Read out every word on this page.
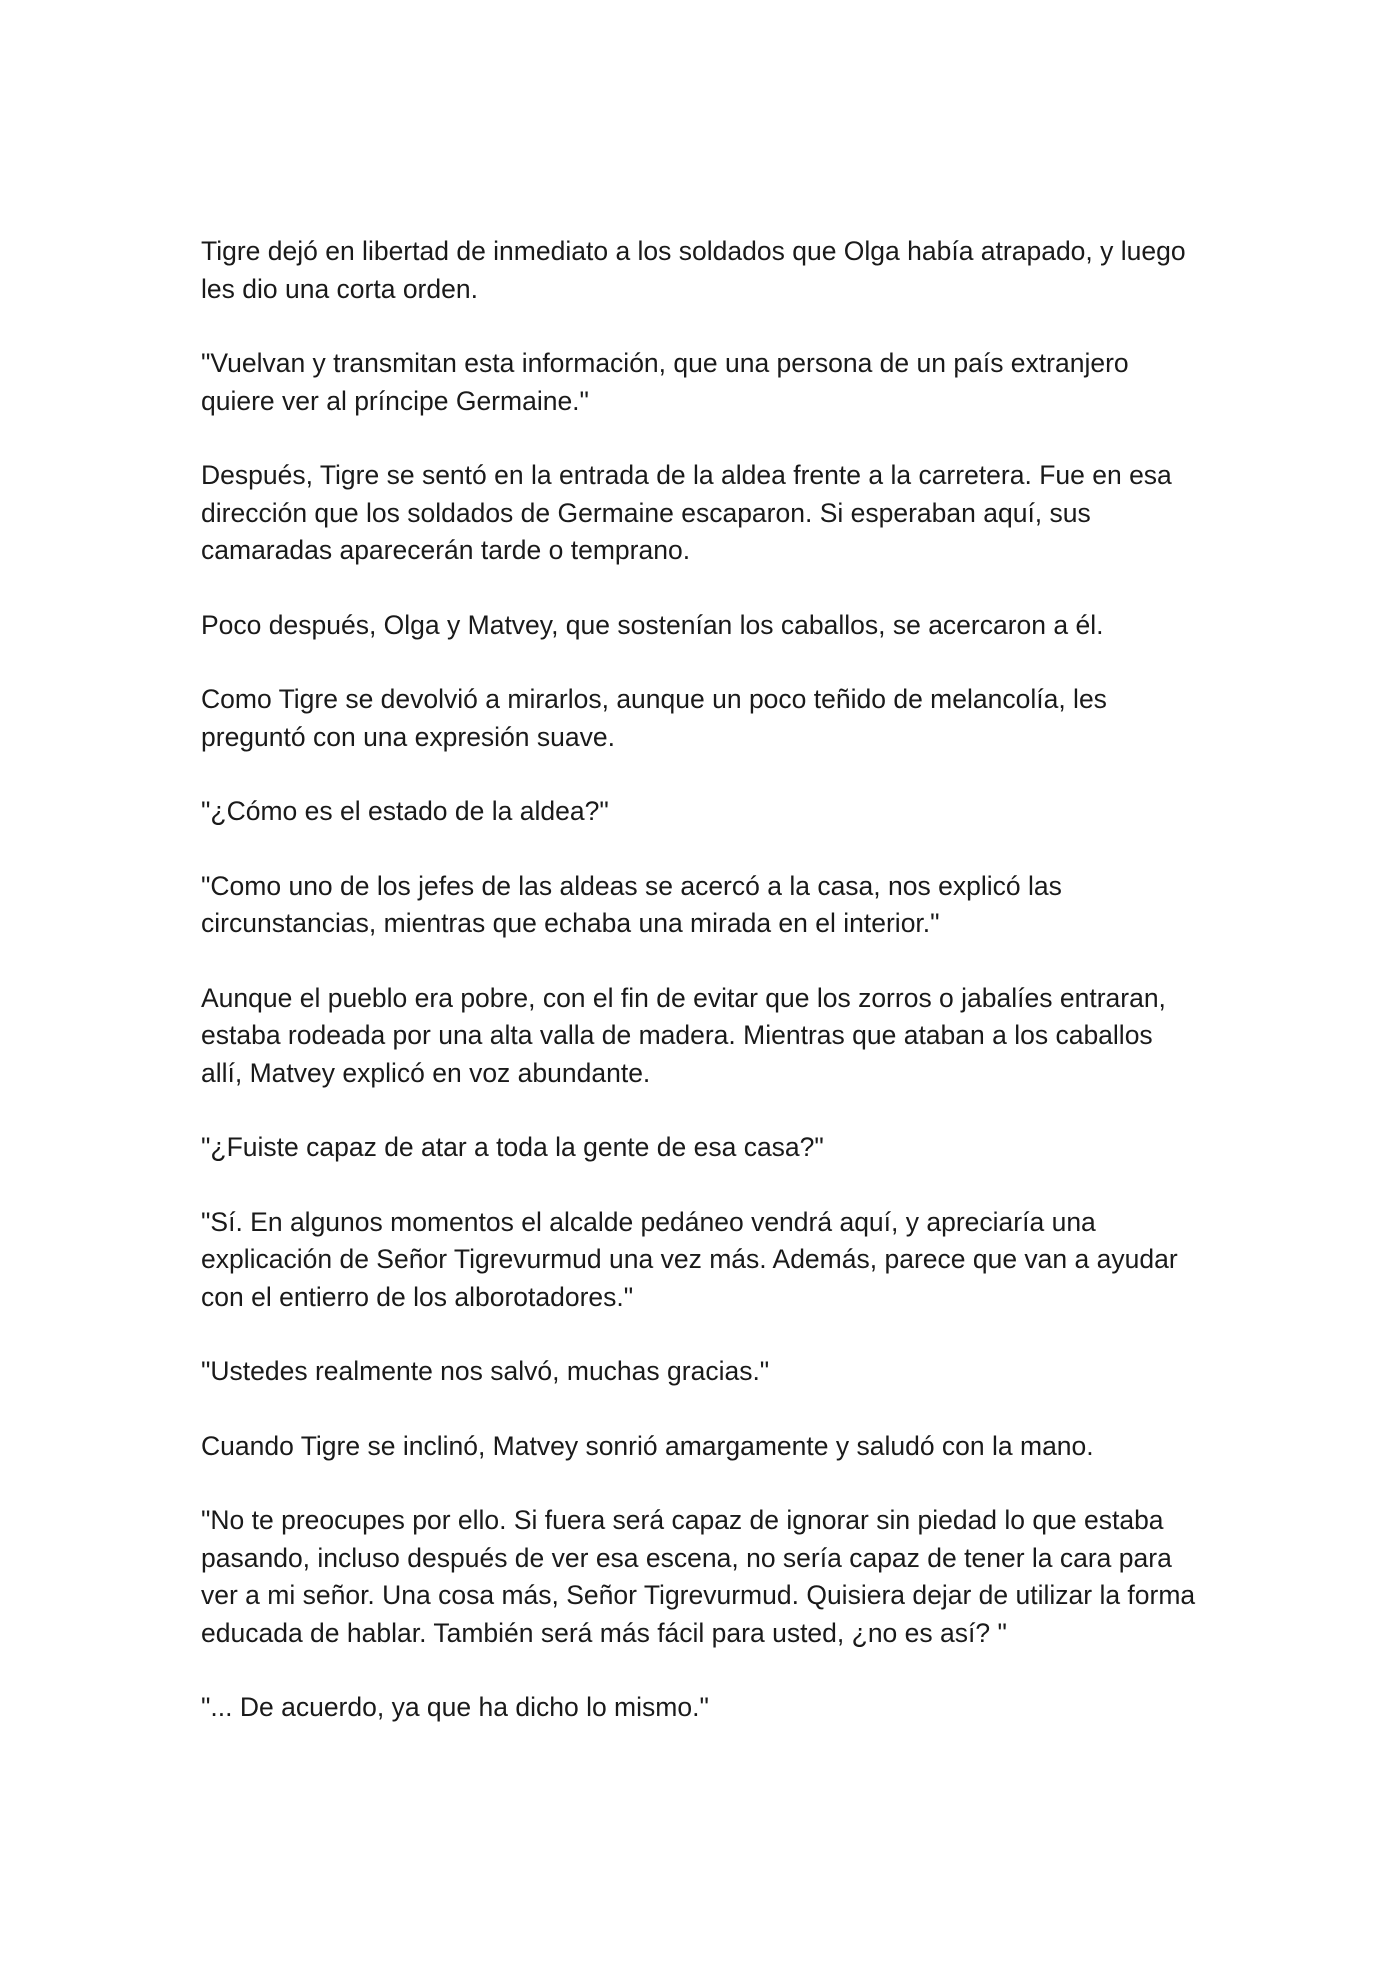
Tigre dejó en libertad de inmediato a los soldados que Olga había atrapado, y luego les dio una corta orden.

"Vuelvan y transmitan esta información, que una persona de un país extranjero quiere ver al príncipe Germaine."

Después, Tigre se sentó en la entrada de la aldea frente a la carretera. Fue en esa dirección que los soldados de Germaine escaparon. Si esperaban aquí, sus camaradas aparecerán tarde o temprano.

Poco después, Olga y Matvey, que sostenían los caballos, se acercaron a él.

Como Tigre se devolvió a mirarlos, aunque un poco teñido de melancolía, les preguntó con una expresión suave.

"¿Cómo es el estado de la aldea?"

"Como uno de los jefes de las aldeas se acercó a la casa, nos explicó las circunstancias, mientras que echaba una mirada en el interior."

Aunque el pueblo era pobre, con el fin de evitar que los zorros o jabalíes entraran, estaba rodeada por una alta valla de madera. Mientras que ataban a los caballos allí, Matvey explicó en voz abundante.

"¿Fuiste capaz de atar a toda la gente de esa casa?"

"Sí. En algunos momentos el alcalde pedáneo vendrá aquí, y apreciaría una explicación de Señor Tigrevurmud una vez más. Además, parece que van a ayudar con el entierro de los alborotadores."

"Ustedes realmente nos salvó, muchas gracias."

Cuando Tigre se inclinó, Matvey sonrió amargamente y saludó con la mano.

"No te preocupes por ello. Si fuera será capaz de ignorar sin piedad lo que estaba pasando, incluso después de ver esa escena, no sería capaz de tener la cara para ver a mi señor. Una cosa más, Señor Tigrevurmud. Quisiera dejar de utilizar la forma educada de hablar. También será más fácil para usted, ¿no es así? "

"... De acuerdo, ya que ha dicho lo mismo."
